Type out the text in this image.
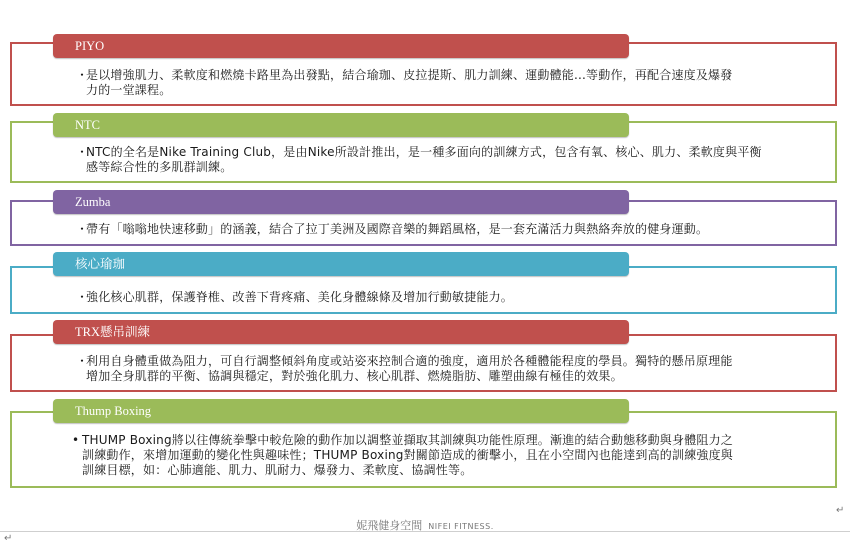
PIYO
・是以增強肌力、柔軟度和燃燒卡路里為出發點，結合瑜珈、皮拉提斯、肌力訓練、運動體能...等動作，再配合速度及爆發
力的一堂課程。
NTC
・NTC的全名是Nike Training Club，是由Nike所設計推出，是一種多面向的訓練方式，包含有氧、核心、肌力、柔軟度與平衡
感等綜合性的多肌群訓練。
Zumba
・帶有「嗡嗡地快速移動」的涵義，結合了拉丁美洲及國際音樂的舞蹈風格，是一套充滿活力與熱絡奔放的健身運動。
核心瑜珈
・強化核心肌群，保護脊椎、改善下背疼痛、美化身體線條及增加行動敏捷能力。
TRX懸吊訓練
・利用自身體重做為阻力，可自行調整傾斜角度或站姿來控制合適的強度，適用於各種體能程度的學員。獨特的懸吊原理能
增加全身肌群的平衡、協調與穩定，對於強化肌力、核心肌群、燃燒脂肪、雕塑曲線有極佳的效果。
Thump Boxing
• THUMP Boxing將以往傳統拳擊中較危險的動作加以調整並擷取其訓練與功能性原理。漸進的結合動態移動與身體阻力之
訓練動作，來增加運動的變化性與趣味性；THUMP Boxing對關節造成的衝擊小，且在小空間內也能達到高的訓練強度與
訓練目標，如：心肺適能、肌力、肌耐力、爆發力、柔軟度、協調性等。
↵
妮飛健身空間 NIFEI FITNESS.
↵
